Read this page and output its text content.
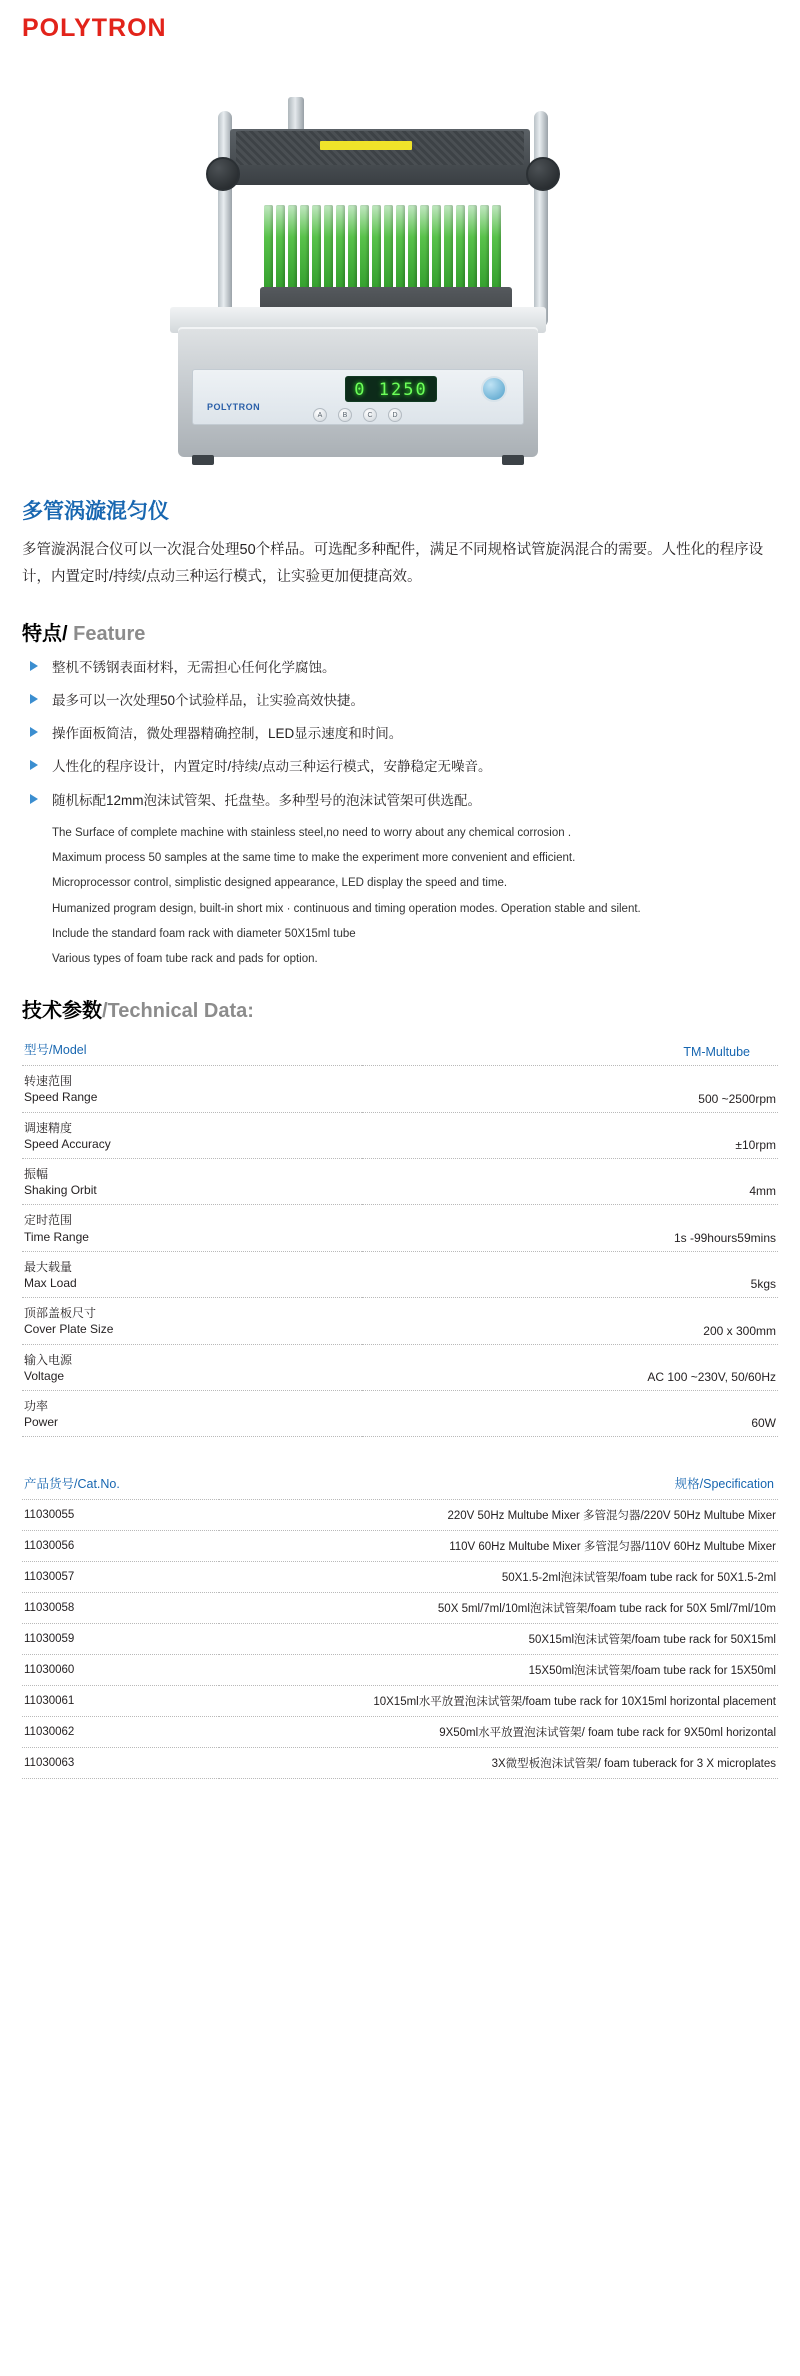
POLYTRON
POLYTRON
0 1250
A	B	C	D
多管涡漩混匀仪

多管漩涡混合仪可以一次混合处理50个样品。可选配多种配件，满足不同规格试管旋涡混合的需要。人性化的程序设计，内置定时/持续/点动三种运行模式，让实验更加便捷高效。

特点/ Feature
整机不锈钢表面材料，无需担心任何化学腐蚀。
最多可以一次处理50个试验样品，让实验高效快捷。
操作面板简洁，微处理器精确控制，LED显示速度和时间。
人性化的程序设计，内置定时/持续/点动三种运行模式，安静稳定无噪音。
随机标配12mm泡沫试管架、托盘垫。多种型号的泡沫试管架可供选配。

The Surface of complete machine with stainless steel,no need to worry about any chemical corrosion .

Maximum process 50 samples at the same time to make the experiment more convenient and efficient.

Microprocessor control, simplistic designed appearance, LED display the speed and time.

Humanized program design, built-in short mix · continuous and timing operation modes. Operation stable and silent.

Include the standard foam rack with diameter 50X15ml tube

Various types of foam tube rack and pads for option.

技术参数/Technical Data:
型号/Model	TM-Multube

转速范围
Speed Range	500 ~2500rpm

调速精度
Speed Accuracy	±10rpm

振幅
Shaking Orbit	4mm

定时范围
Time Range	1s -99hours59mins

最大载量
Max Load	5kgs

顶部盖板尺寸
Cover Plate Size	200 x 300mm

输入电源
Voltage	AC 100 ~230V, 50/60Hz

功率
Power	60W
产品货号/Cat.No.	规格/Specification
11030055	220V 50Hz Multube Mixer 多管混匀器/220V 50Hz Multube Mixer
11030056	110V 60Hz Multube Mixer 多管混匀器/110V 60Hz Multube Mixer
11030057	50X1.5-2ml泡沫试管架/foam tube rack for 50X1.5-2ml
11030058	50X 5ml/7ml/10ml泡沫试管架/foam tube rack for 50X 5ml/7ml/10m
11030059	50X15ml泡沫试管架/foam tube rack for 50X15ml
11030060	15X50ml泡沫试管架/foam tube rack for 15X50ml
11030061	10X15ml水平放置泡沫试管架/foam tube rack for 10X15ml horizontal placement
11030062	9X50ml水平放置泡沫试管架/ foam tube rack for 9X50ml horizontal
11030063	3X微型板泡沫试管架/ foam tuberack for 3 X microplates
